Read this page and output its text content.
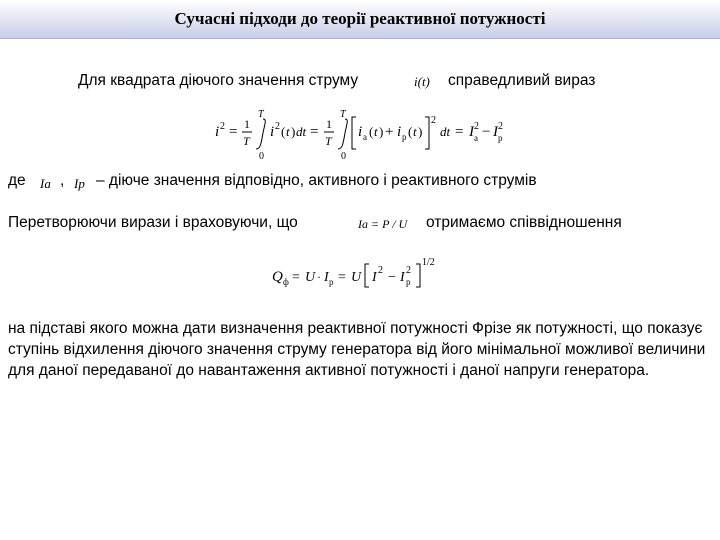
Сучасні підходи до теорії реактивної потужності
Для квадрата діючого значення струму	i(t) справедливий вираз
i 2 = 1
T
T
0
i 2 ( t ) dt = 1
T
T
0
i а ( t ) + i р ( t )
2
dt = I 2
а − I 2
р
де Iа , Iр – діюче значення відповідно, активного і реактивного струмів
Перетворюючи вирази і враховуючи, що	Iа = P / U отримаємо співвідношення
Q ф = U · I р = U I 2 − I 2
р
1/2
на підставі якого можна дати визначення реактивної потужності Фрізе як потужності, що показує ступінь відхилення діючого значення струму генератора від його мінімальної можливої величини для даної передаваної до навантаження активної потужності і даної напруги генератора.
